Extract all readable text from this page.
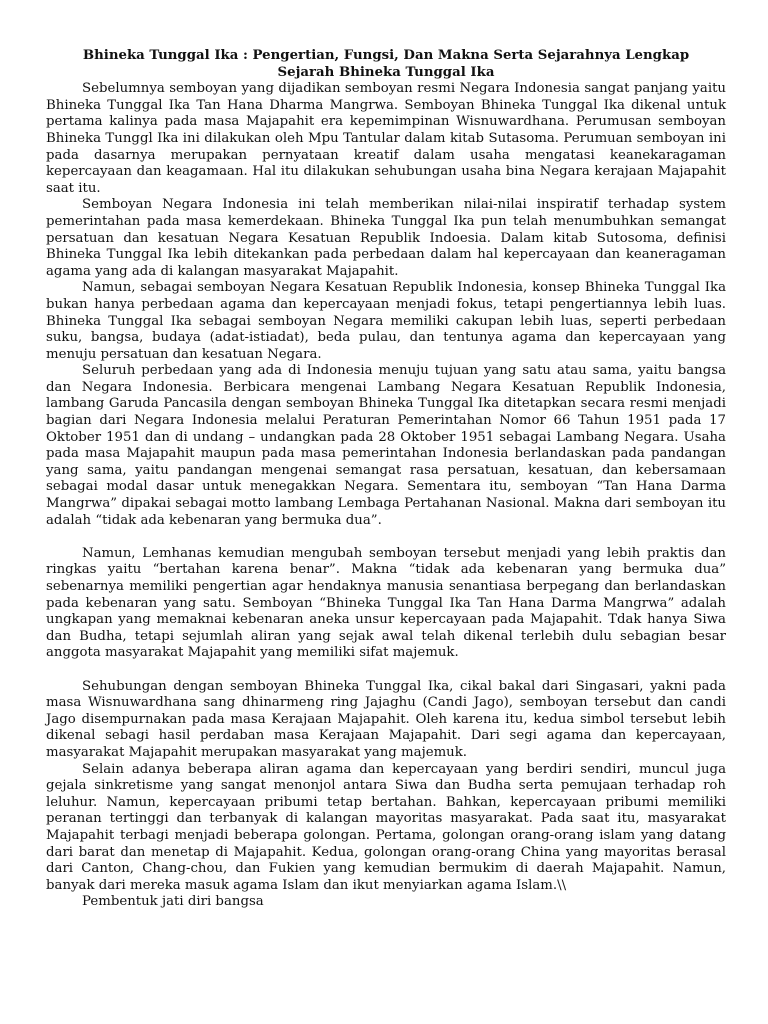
Bhineka Tunggal Ika : Pengertian, Fungsi, Dan Makna Serta Sejarahnya Lengkap

Sejarah Bhineka Tunggal Ika

Sebelumnya semboyan yang dijadikan semboyan resmi Negara Indonesia sangat panjang yaitu Bhineka Tunggal Ika Tan Hana Dharma Mangrwa. Semboyan Bhineka Tunggal Ika dikenal untuk pertama kalinya pada masa Majapahit era kepemimpinan Wisnuwardhana. Perumusan semboyan Bhineka Tunggl Ika ini dilakukan oleh Mpu Tantular dalam kitab Sutasoma. Perumuan semboyan ini pada dasarnya merupakan pernyataan kreatif dalam usaha mengatasi keanekaragaman kepercayaan dan keagamaan. Hal itu dilakukan sehubungan usaha bina Negara kerajaan Majapahit saat itu.

Semboyan Negara Indonesia ini telah memberikan nilai-nilai inspiratif terhadap system pemerintahan pada masa kemerdekaan. Bhineka Tunggal Ika pun telah menumbuhkan semangat persatuan dan kesatuan Negara Kesatuan Republik Indoesia. Dalam kitab Sutosoma, definisi Bhineka Tunggal Ika lebih ditekankan pada perbedaan dalam hal kepercayaan dan keaneragaman agama yang ada di kalangan masyarakat Majapahit.

Namun, sebagai semboyan Negara Kesatuan Republik Indonesia, konsep Bhineka Tunggal Ika bukan hanya perbedaan agama dan kepercayaan menjadi fokus, tetapi pengertiannya lebih luas. Bhineka Tunggal Ika sebagai semboyan Negara memiliki cakupan lebih luas, seperti perbedaan suku, bangsa, budaya (adat-istiadat), beda pulau, dan tentunya agama dan kepercayaan yang menuju persatuan dan kesatuan Negara.

Seluruh perbedaan yang ada di Indonesia menuju tujuan yang satu atau sama, yaitu bangsa dan Negara Indonesia. Berbicara mengenai Lambang Negara Kesatuan Republik Indonesia, lambang Garuda Pancasila dengan semboyan Bhineka Tunggal Ika ditetapkan secara resmi menjadi bagian dari Negara Indonesia melalui Peraturan Pemerintahan Nomor 66 Tahun 1951 pada 17 Oktober 1951 dan di undang – undangkan pada 28 Oktober 1951 sebagai Lambang Negara. Usaha pada masa Majapahit maupun pada masa pemerintahan Indonesia berlandaskan pada pandangan yang sama, yaitu pandangan mengenai semangat rasa persatuan, kesatuan, dan kebersamaan sebagai modal dasar untuk menegakkan Negara. Sementara itu, semboyan “Tan Hana Darma Mangrwa” dipakai sebagai motto lambang Lembaga Pertahanan Nasional. Makna dari semboyan itu adalah “tidak ada kebenaran yang bermuka dua”.

Namun, Lemhanas kemudian mengubah semboyan tersebut menjadi yang lebih praktis dan ringkas yaitu “bertahan karena benar”. Makna “tidak ada kebenaran yang bermuka dua” sebenarnya memiliki pengertian agar hendaknya manusia senantiasa berpegang dan berlandaskan pada kebenaran yang satu. Semboyan “Bhineka Tunggal Ika Tan Hana Darma Mangrwa” adalah ungkapan yang memaknai kebenaran aneka unsur kepercayaan pada Majapahit. Tdak hanya Siwa dan Budha, tetapi sejumlah aliran yang sejak awal telah dikenal terlebih dulu sebagian besar anggota masyarakat Majapahit yang memiliki sifat majemuk.

Sehubungan dengan semboyan Bhineka Tunggal Ika, cikal bakal dari Singasari, yakni pada masa Wisnuwardhana sang dhinarmeng ring Jajaghu (Candi Jago), semboyan tersebut dan candi Jago disempurnakan pada masa Kerajaan Majapahit. Oleh karena itu, kedua simbol tersebut lebih dikenal sebagi hasil perdaban masa Kerajaan Majapahit. Dari segi agama dan kepercayaan, masyarakat Majapahit merupakan masyarakat yang majemuk.

Selain adanya beberapa aliran agama dan kepercayaan yang berdiri sendiri, muncul juga gejala sinkretisme yang sangat menonjol antara Siwa dan Budha serta pemujaan terhadap roh leluhur. Namun, kepercayaan pribumi tetap bertahan. Bahkan, kepercayaan pribumi memiliki peranan tertinggi dan terbanyak di kalangan mayoritas masyarakat. Pada saat itu, masyarakat Majapahit terbagi menjadi beberapa golongan. Pertama, golongan orang-orang islam yang datang dari barat dan menetap di Majapahit. Kedua, golongan orang-orang China yang mayoritas berasal dari Canton, Chang-chou, dan Fukien yang kemudian bermukim di daerah Majapahit. Namun, banyak dari mereka masuk agama Islam dan ikut menyiarkan agama Islam.\\

Pembentuk jati diri bangsa
